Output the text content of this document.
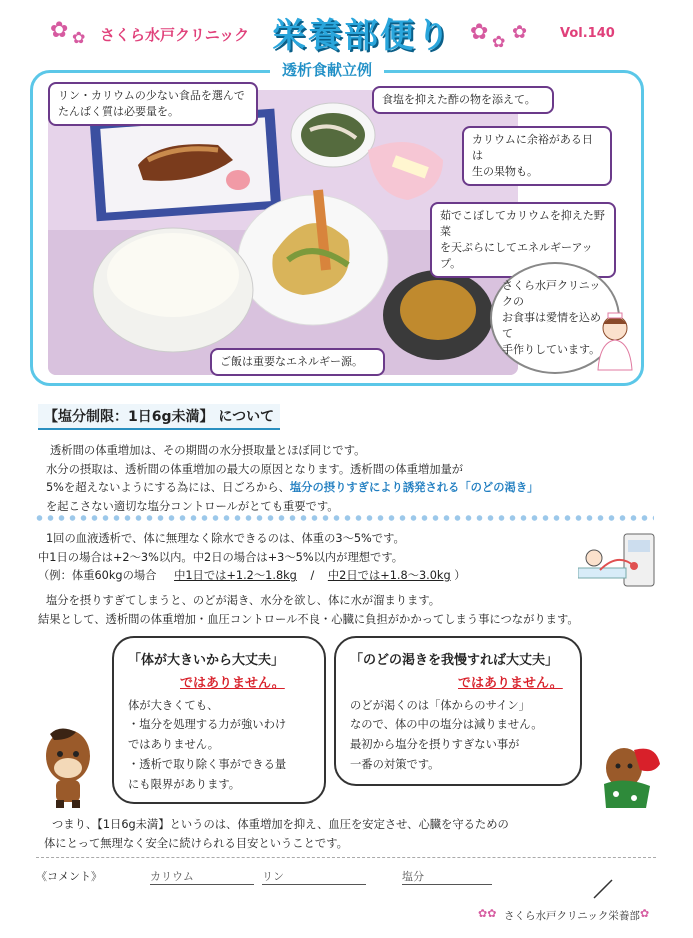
✿ ✿ さくら水戸クリニック 栄養部便り ✿ ✿ ✿	Vol.140
透析食献立例
リン・カリウムの少ない食品を選んで
たんぱく質は必要量を。
食塩を抑えた酢の物を添えて。
カリウムに余裕がある日は
生の果物も。
茹でこぼしてカリウムを抑えた野菜
を天ぷらにしてエネルギーアップ。
さくら水戸クリニックの
お食事は愛情を込めて
手作りしています。
ご飯は重要なエネルギー源。
【塩分制限：1日6g未満】 について
透析間の体重増加は、その期間の水分摂取量とほぼ同じです。
水分の摂取は、透析間の体重増加の最大の原因となります。透析間の体重増加量が
5%を超えないようにする為には、日ごろから、塩分の摂りすぎにより誘発される「のどの渇き」
を起こさない適切な塩分コントロールがとても重要です。
1回の血液透析で、体に無理なく除水できるのは、体重の3～5%です。
中1日の場合は+2～3%以内。中2日の場合は+3～5%以内が理想です。
（例：体重60kgの場合 中1日では+1.2～1.8kg / 中2日では+1.8～3.0kg ）
塩分を摂りすぎてしまうと、のどが渇き、水分を欲し、体に水が溜まります。
結果として、透析間の体重増加・血圧コントロール不良・心臓に負担がかかってしまう事につながります。
「体が大きいから大丈夫」
ではありません。
体が大きくても、
・塩分を処理する力が強いわけ
ではありません。
・透析で取り除く事ができる量
にも限界があります。
「のどの渇きを我慢すれば大丈夫」
ではありません。
のどが渇くのは「体からのサイン」
なので、体の中の塩分は減りません。
最初から塩分を摂りすぎない事が
一番の対策です。
つまり、【1日6g未満】というのは、体重増加を抑え、血圧を安定させ、心臓を守るための
体にとって無理なく安全に続けられる目安ということです。
《コメント》	カリウム	リン	塩分
✿✿ さくら水戸クリニック栄養部 ✿
